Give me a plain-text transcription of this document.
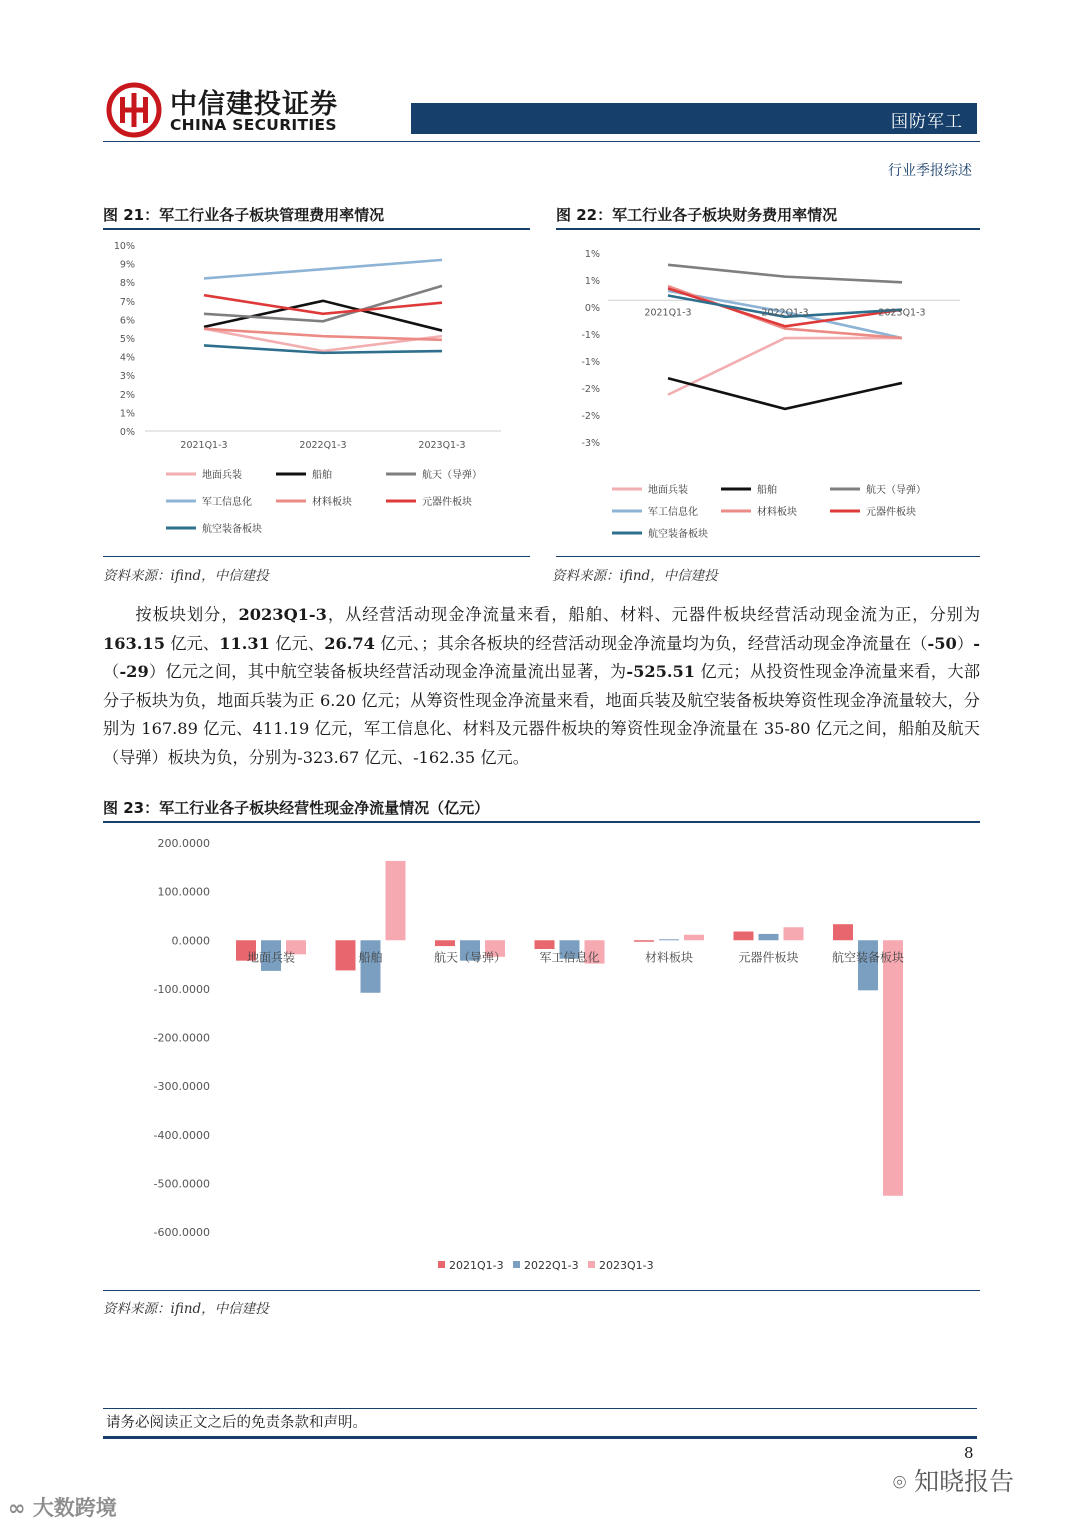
中信建投证券
CHINA SECURITIES	国防军工
行业季报综述
图 21：军工行业各子板块管理费用率情况
0%
1%
2%
3%
4%
5%
6%
7%
8%
9%
10%
2021Q1-3	2022Q1-3	2023Q1-3
地面兵装	船舶	航天（导弹）
军工信息化	材料板块	元器件板块
航空装备板块
资料来源：ifind，中信建投
图 22：军工行业各子板块财务费用率情况
1%
1%
0%
-1%
-1%
-2%
-2%
-3%
2021Q1-3	2022Q1-3	2023Q1-3
地面兵装	船舶	航天（导弹）
军工信息化	材料板块	元器件板块
航空装备板块
资料来源：ifind，中信建投
按板块划分，2023Q1-3，从经营活动现金净流量来看，船舶、材料、元器件板块经营活动现金流为正，分别为 163.15 亿元、11.31 亿元、26.74 亿元、；其余各板块的经营活动现金净流量均为负，经营活动现金净流量在（-50）-（-29）亿元之间，其中航空装备板块经营活动现金净流量流出显著，为-525.51 亿元；从投资性现金净流量来看，大部分子板块为负，地面兵装为正 6.20 亿元；从筹资性现金净流量来看，地面兵装及航空装备板块筹资性现金净流量较大，分别为 167.89 亿元、411.19 亿元，军工信息化、材料及元器件板块的筹资性现金净流量在 35-80 亿元之间，船舶及航天（导弹）板块为负，分别为-323.67 亿元、-162.35 亿元。
图 23：军工行业各子板块经营性现金净流量情况（亿元）
200.0000
100.0000
0.0000
-100.0000
-200.0000
-300.0000
-400.0000
-500.0000
-600.0000
地面兵装	船舶	航天（导弹）	军工信息化	材料板块	元器件板块	航空装备板块
2021Q1-3 2022Q1-3 2023Q1-3
资料来源：ifind，中信建投
请务必阅读正文之后的免责条款和声明。
8
⌾ 知晓报告
∞ 大数跨境
